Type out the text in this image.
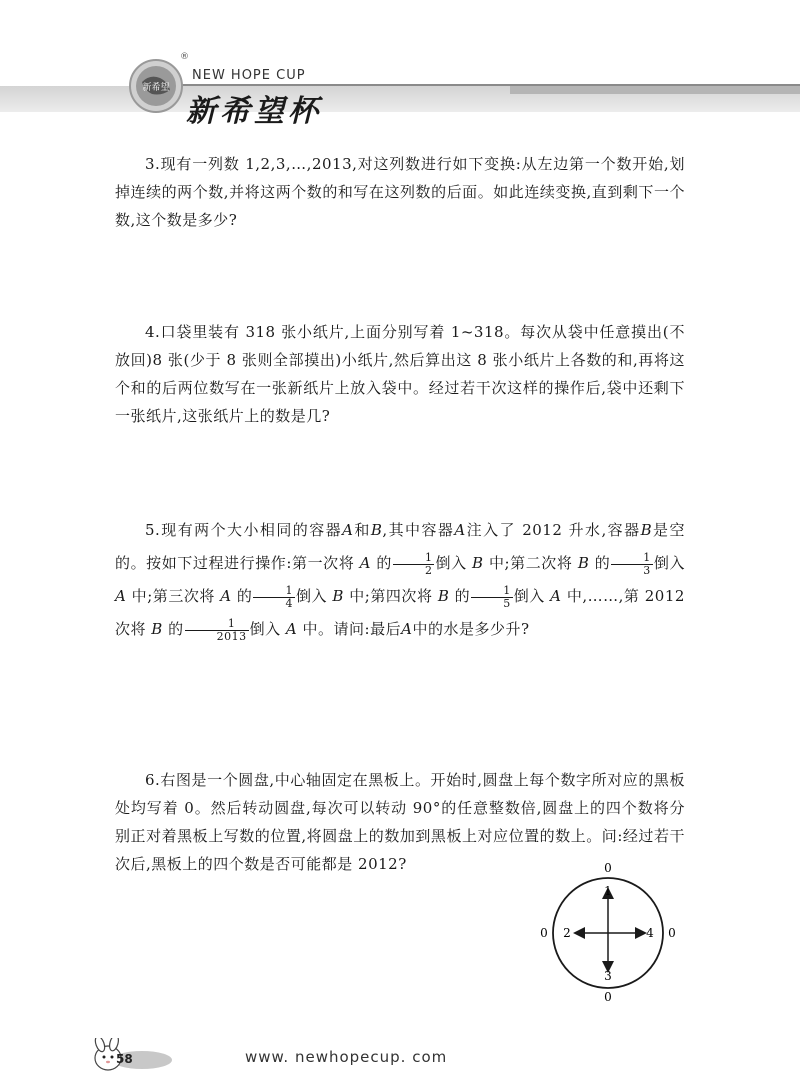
新希望
®
NEW HOPE CUP
新希望杯

3.现有一列数 1,2,3,…,2013,对这列数进行如下变换:从左边第一个数开始,划掉连续的两个数,并将这两个数的和写在这列数的后面。如此连续变换,直到剩下一个数,这个数是多少?

4.口袋里装有 318 张小纸片,上面分别写着 1~318。每次从袋中任意摸出(不放回)8 张(少于 8 张则全部摸出)小纸片,然后算出这 8 张小纸片上各数的和,再将这个和的后两位数写在一张新纸片上放入袋中。经过若干次这样的操作后,袋中还剩下一张纸片,这张纸片上的数是几?

5.现有两个大小相同的容器A和B,其中容器A注入了 2012 升水,容器B是空的。按如下过程进行操作:第一次将 A 的 $\frac{1}{2}$ 倒入 B 中;第二次将 B 的 $\frac{1}{3}$ 倒入 A 中;第三次将 A 的 $\frac{1}{4}$ 倒入 B 中;第四次将 B 的 $\frac{1}{5}$ 倒入 A 中,……,第 2012 次将 B 的 $\frac{1}{2013}$ 倒入 A 中。请问:最后A中的水是多少升?

6.右图是一个圆盘,中心轴固定在黑板上。开始时,圆盘上每个数字所对应的黑板处均写着 0。然后转动圆盘,每次可以转动 90°的任意整数倍,圆盘上的四个数将分别正对着黑板上写数的位置,将圆盘上的数加到黑板上对应位置的数上。问:经过若干次后,黑板上的四个数是否可能都是 2012?	0
1
0 2	4 0
3
0
58	www. newhopecup. com
